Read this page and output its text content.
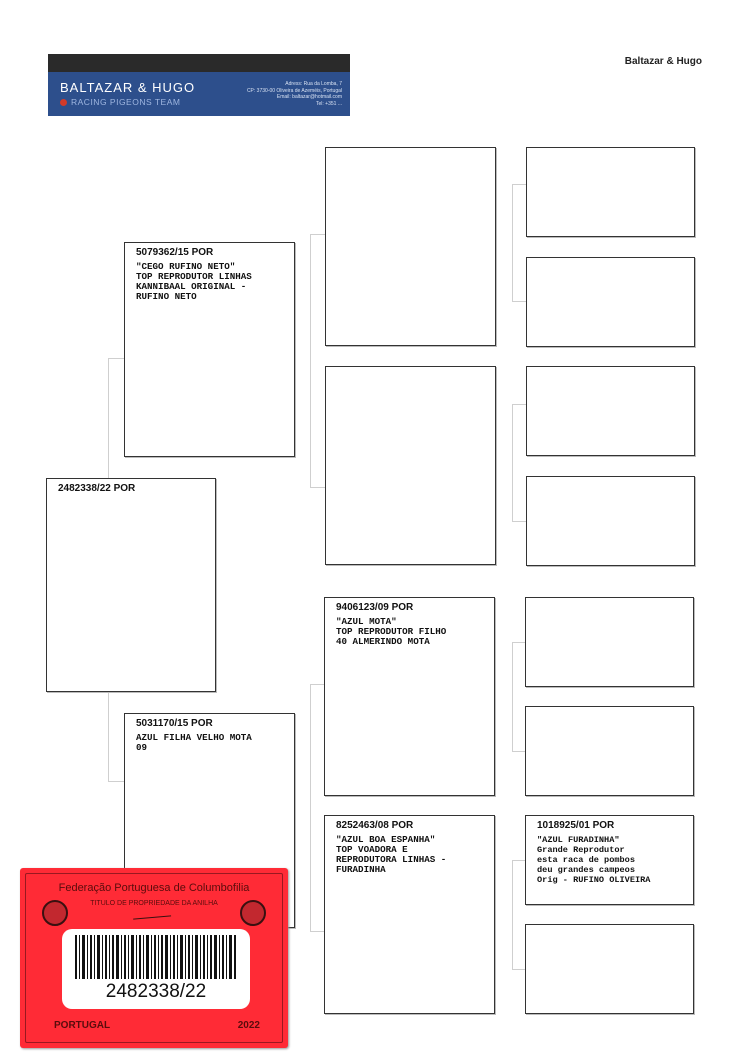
BALTAZAR & HUGO
RACING PIGEONS TEAM
Adress: Rua da Lomba, 7
CP: 3730-00 Oliveira de Azeméis, Portugal
Email: baltazar@hotmail.com
Tel: +351 ...
Baltazar & Hugo
2482338/22 POR
5079362/15 POR
"CEGO RUFINO NETO"
TOP REPRODUTOR LINHAS
KANNIBAAL ORIGINAL -
RUFINO NETO
5031170/15 POR
AZUL FILHA VELHO MOTA
09
9406123/09 POR
"AZUL MOTA"
TOP REPRODUTOR FILHO
40 ALMERINDO MOTA
8252463/08 POR
"AZUL BOA ESPANHA"
TOP VOADORA E
REPRODUTORA LINHAS -
FURADINHA
1018925/01 POR
"AZUL FURADINHA"
Grande Reprodutor
esta raca de pombos
deu grandes campeos
Orig - RUFINO OLIVEIRA
Federação Portuguesa de Columbofilia
TITULO DE PROPRIEDADE DA ANILHA
2482338/22
PORTUGAL	2022
